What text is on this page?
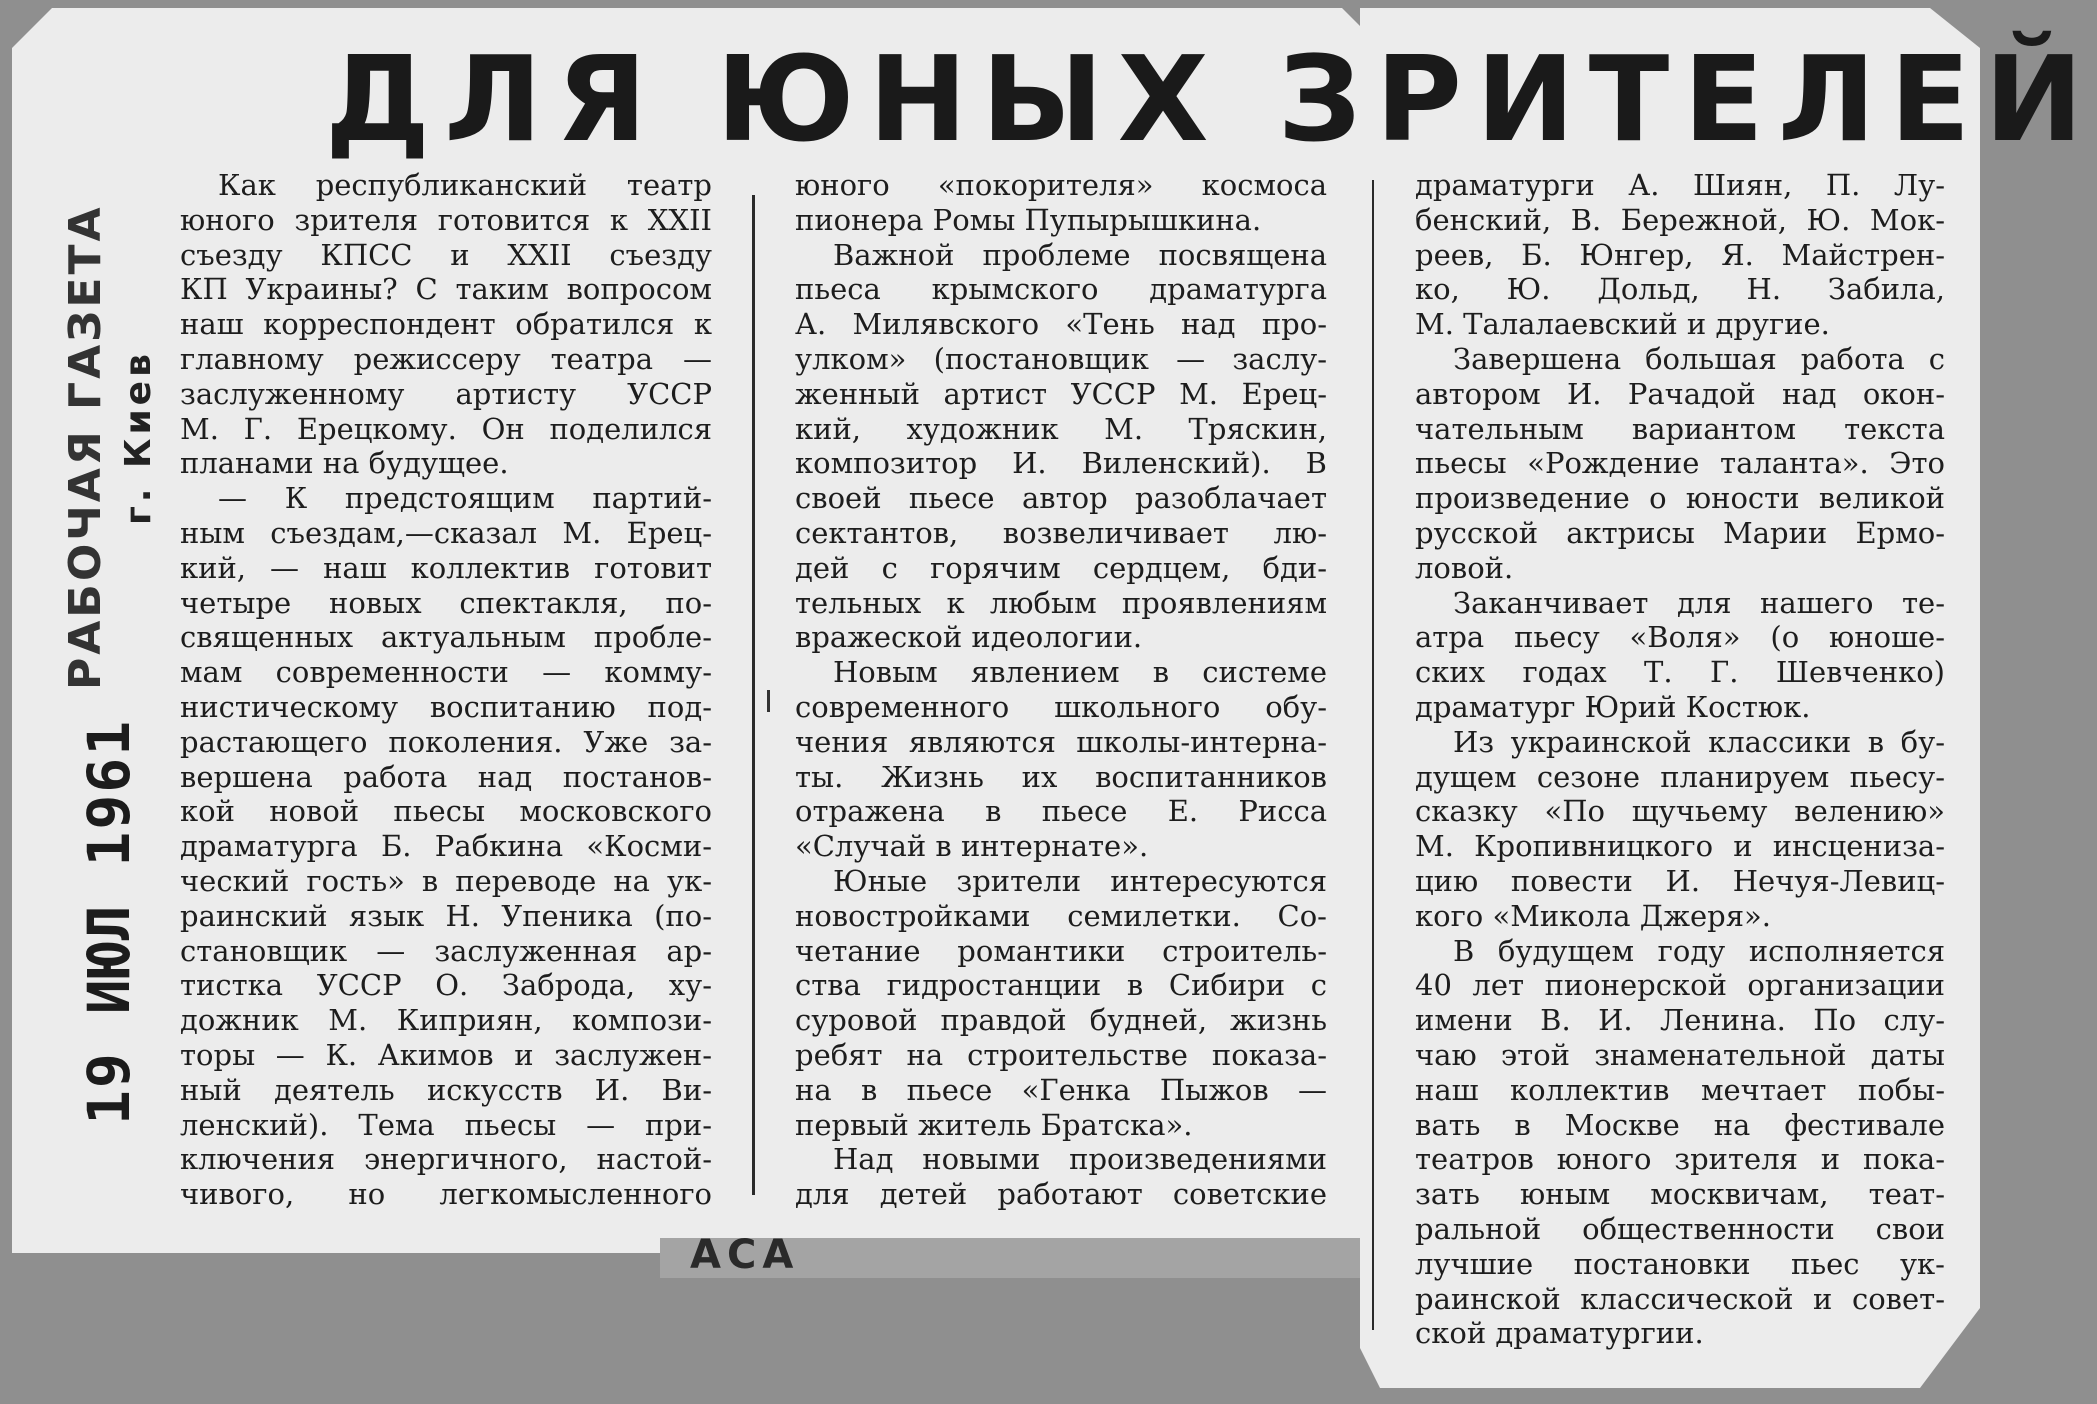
ДЛЯ ЮНЫХ ЗРИТЕЛЕЙ
19 ИЮЛ 1961
РАБОЧАЯ ГАЗЕТА г. Киев
Как республиканский театр
юного зрителя готовится к XXII
съезду КПСС и XXII съезду
КП Украины? С таким вопросом
наш корреспондент обратился к
главному режиссеру театра —
заслуженному артисту УССР
М. Г. Ерецкому. Он поделился
планами на будущее.
— К предстоящим партий-
ным съездам,—сказал М. Ерец-
кий, — наш коллектив готовит
четыре новых спектакля, по-
священных актуальным пробле-
мам современности — комму-
нистическому воспитанию под-
растающего поколения. Уже за-
вершена работа над постанов-
кой новой пьесы московского
драматурга Б. Рабкина «Косми-
ческий гость» в переводе на ук-
раинский язык Н. Упеника (по-
становщик — заслуженная ар-
тистка УССР О. Заброда, ху-
дожник М. Киприян, компози-
торы — К. Акимов и заслужен-
ный деятель искусств И. Ви-
ленский). Тема пьесы — при-
ключения энергичного, настой-
чивого, но легкомысленного
юного «покорителя» космоса
пионера Ромы Пупырышкина.
Важной проблеме посвящена
пьеса крымского драматурга
А. Милявского «Тень над про-
улком» (постановщик — заслу-
женный артист УССР М. Ерец-
кий, художник М. Тряскин,
композитор И. Виленский). В
своей пьесе автор разоблачает
сектантов, возвеличивает лю-
дей с горячим сердцем, бди-
тельных к любым проявлениям
вражеской идеологии.
Новым явлением в системе
современного школьного обу-
чения являются школы-интерна-
ты. Жизнь их воспитанников
отражена в пьесе Е. Рисса
«Случай в интернате».
Юные зрители интересуются
новостройками семилетки. Со-
четание романтики строитель-
ства гидростанции в Сибири с
суровой правдой будней, жизнь
ребят на строительстве показа-
на в пьесе «Генка Пыжов —
первый житель Братска».
Над новыми произведениями
для детей работают советские
драматурги А. Шиян, П. Лу-
бенский, В. Бережной, Ю. Мок-
реев, Б. Юнгер, Я. Майстрен-
ко, Ю. Дольд, Н. Забила,
М. Талалаевский и другие.
Завершена большая работа с
автором И. Рачадой над окон-
чательным вариантом текста
пьесы «Рождение таланта». Это
произведение о юности великой
русской актрисы Марии Ермо-
ловой.
Заканчивает для нашего те-
атра пьесу «Воля» (о юноше-
ских годах Т. Г. Шевченко)
драматург Юрий Костюк.
Из украинской классики в бу-
дущем сезоне планируем пьесу-
сказку «По щучьему велению»
М. Кропивницкого и инсцениза-
цию повести И. Нечуя-Левиц-
кого «Микола Джеря».
В будущем году исполняется
40 лет пионерской организации
имени В. И. Ленина. По слу-
чаю этой знаменательной даты
наш коллектив мечтает побы-
вать в Москве на фестивале
театров юного зрителя и пока-
зать юным москвичам, теат-
ральной общественности свои
лучшие постановки пьес ук-
раинской классической и совет-
ской драматургии.
